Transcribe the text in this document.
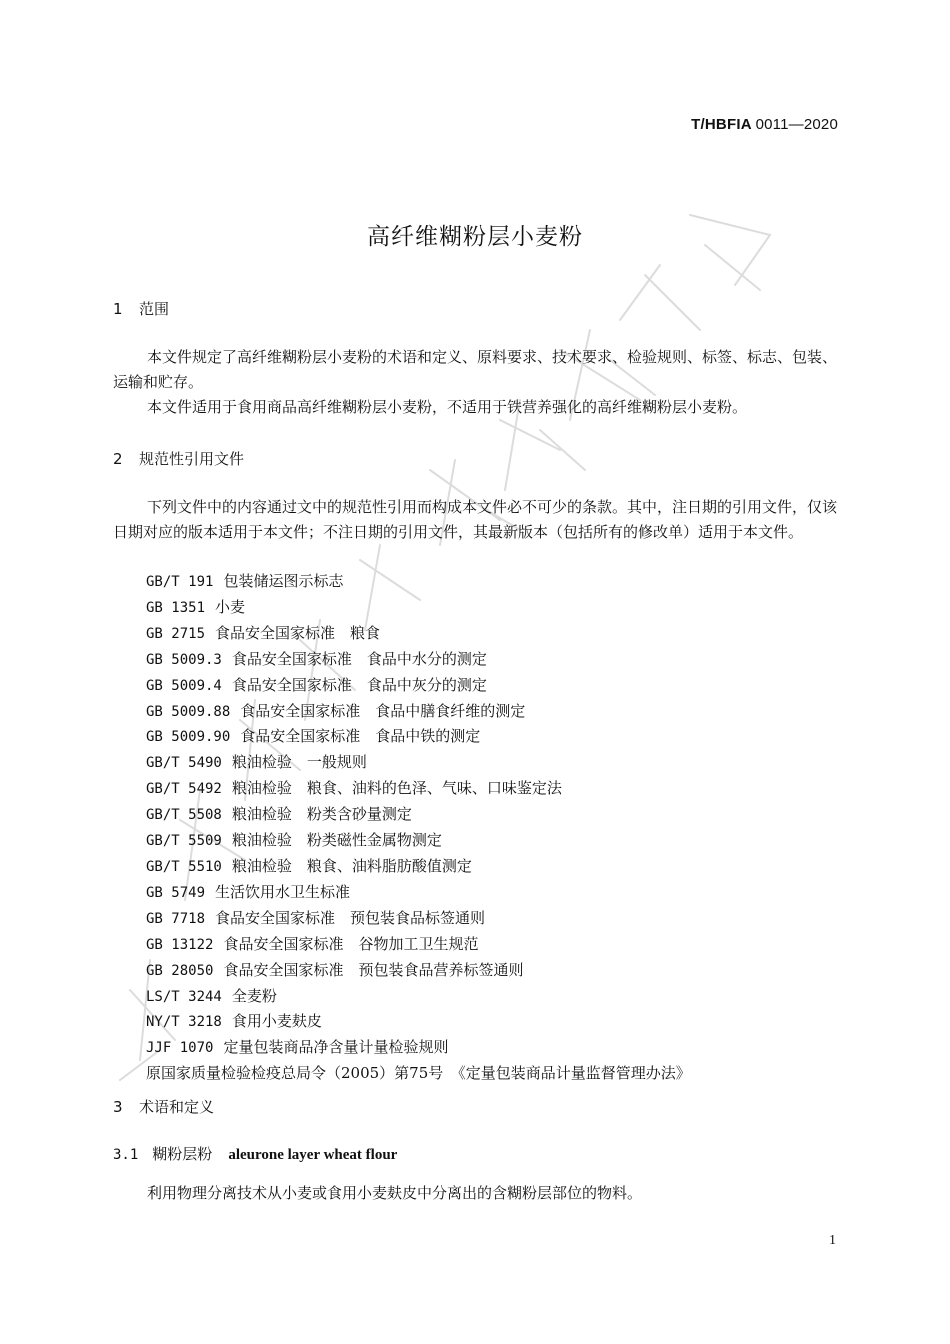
T/HBFIA 0011—2020
高纤维糊粉层小麦粉
1 范围
本文件规定了高纤维糊粉层小麦粉的术语和定义、原料要求、技术要求、检验规则、标签、标志、包装、运输和贮存。
本文件适用于食用商品高纤维糊粉层小麦粉，不适用于铁营养强化的高纤维糊粉层小麦粉。
2 规范性引用文件
下列文件中的内容通过文中的规范性引用而构成本文件必不可少的条款。其中，注日期的引用文件，仅该日期对应的版本适用于本文件；不注日期的引用文件，其最新版本（包括所有的修改单）适用于本文件。
GB/T 191 包装储运图示标志
GB 1351 小麦
GB 2715 食品安全国家标准　粮食
GB 5009.3 食品安全国家标准　食品中水分的测定
GB 5009.4 食品安全国家标准　食品中灰分的测定
GB 5009.88 食品安全国家标准　食品中膳食纤维的测定
GB 5009.90 食品安全国家标准　食品中铁的测定
GB/T 5490 粮油检验　一般规则
GB/T 5492 粮油检验　粮食、油料的色泽、气味、口味鉴定法
GB/T 5508 粮油检验　粉类含砂量测定
GB/T 5509 粮油检验　粉类磁性金属物测定
GB/T 5510 粮油检验　粮食、油料脂肪酸值测定
GB 5749 生活饮用水卫生标准
GB 7718 食品安全国家标准　预包装食品标签通则
GB 13122 食品安全国家标准　谷物加工卫生规范
GB 28050 食品安全国家标准　预包装食品营养标签通则
LS/T 3244 全麦粉
NY/T 3218 食用小麦麸皮
JJF 1070 定量包装商品净含量计量检验规则
原国家质量检验检疫总局令（2005）第75号　《定量包装商品计量监督管理办法》
3 术语和定义
3.1 糊粉层粉 aleurone layer wheat flour
利用物理分离技术从小麦或食用小麦麸皮中分离出的含糊粉层部位的物料。
1
